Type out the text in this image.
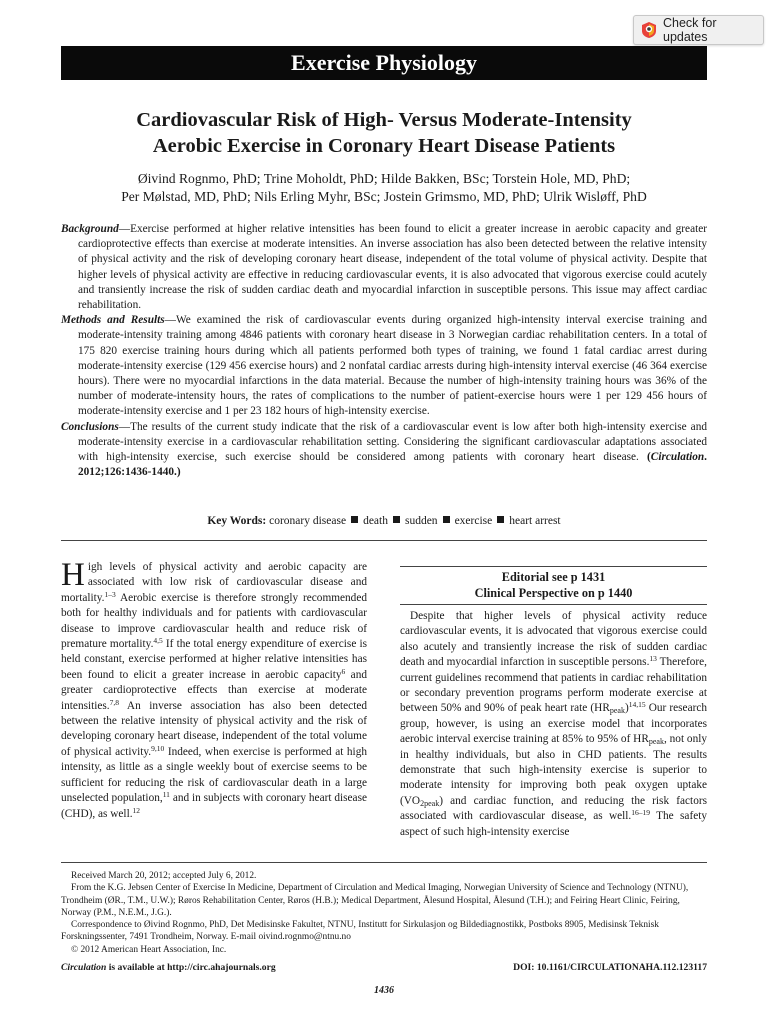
Check for updates
Exercise Physiology
Cardiovascular Risk of High- Versus Moderate-Intensity
Aerobic Exercise in Coronary Heart Disease Patients
Øivind Rognmo, PhD; Trine Moholdt, PhD; Hilde Bakken, BSc; Torstein Hole, MD, PhD;
Per Mølstad, MD, PhD; Nils Erling Myhr, BSc; Jostein Grimsmo, MD, PhD; Ulrik Wisløff, PhD

Background—Exercise performed at higher relative intensities has been found to elicit a greater increase in aerobic capacity and greater cardioprotective effects than exercise at moderate intensities. An inverse association has also been detected between the relative intensity of physical activity and the risk of developing coronary heart disease, independent of the total volume of physical activity. Despite that higher levels of physical activity are effective in reducing cardiovascular events, it is also advocated that vigorous exercise could acutely and transiently increase the risk of sudden cardiac death and myocardial infarction in susceptible persons. This issue may affect cardiac rehabilitation.

Methods and Results—We examined the risk of cardiovascular events during organized high-intensity interval exercise training and moderate-intensity training among 4846 patients with coronary heart disease in 3 Norwegian cardiac rehabilitation centers. In a total of 175 820 exercise training hours during which all patients performed both types of training, we found 1 fatal cardiac arrest during moderate-intensity exercise (129 456 exercise hours) and 2 nonfatal cardiac arrests during high-intensity interval exercise (46 364 exercise hours). There were no myocardial infarctions in the data material. Because the number of high-intensity training hours was 36% of the number of moderate-intensity hours, the rates of complications to the number of patient-exercise hours were 1 per 129 456 hours of moderate-intensity exercise and 1 per 23 182 hours of high-intensity exercise.

Conclusions—The results of the current study indicate that the risk of a cardiovascular event is low after both high-intensity exercise and moderate-intensity exercise in a cardiovascular rehabilitation setting. Considering the significant cardiovascular adaptations associated with high-intensity exercise, such exercise should be considered among patients with coronary heart disease. (Circulation. 2012;126:1436-1440.)

Key Words: coronary disease death sudden exercise heart arrest

High levels of physical activity and aerobic capacity are associated with low risk of cardiovascular disease and mortality.$^{1-3}$ Aerobic exercise is therefore strongly recommended both for healthy individuals and for patients with cardiovascular disease to improve cardiovascular health and reduce risk of premature mortality.$^{4,5}$ If the total energy expenditure of exercise is held constant, exercise performed at higher relative intensities has been found to elicit a greater increase in aerobic capacity$^6$ and greater cardioprotective effects than exercise at moderate intensities.$^{7,8}$ An inverse association has also been detected between the relative intensity of physical activity and the risk of developing coronary heart disease, independent of the total volume of physical activity.$^{9,10}$ Indeed, when exercise is performed at high intensity, as little as a single weekly bout of exercise seems to be sufficient for reducing the risk of cardiovascular death in a large unselected population,$^{11}$ and in subjects with coronary heart disease (CHD), as well.$^{12}$

Editorial see p 1431
Clinical Perspective on p 1440

Despite that higher levels of physical activity reduce cardiovascular events, it is advocated that vigorous exercise could also acutely and transiently increase the risk of sudden cardiac death and myocardial infarction in susceptible persons.$^{13}$ Therefore, current guidelines recommend that patients in cardiac rehabilitation or secondary prevention programs perform moderate exercise at between 50% and 90% of peak heart rate $(HR_{peak})^{14,15}$ Our research group, however, is using an exercise model that incorporates aerobic interval exercise training at 85% to 95% of $HR_{peak}$, not only in healthy individuals, but also in CHD patients. The results demonstrate that such high-intensity exercise is superior to moderate intensity for improving both peak oxygen uptake $(VO_{2peak})$ and cardiac function, and reducing the risk factors associated with cardiovascular disease, as well.$^{16-19}$ The safety aspect of such high-intensity exercise

Received March 20, 2012; accepted July 6, 2012.

From the K.G. Jebsen Center of Exercise In Medicine, Department of Circulation and Medical Imaging, Norwegian University of Science and Technology (NTNU), Trondheim (ØR., T.M., U.W.); Røros Rehabilitation Center, Røros (H.B.); Medical Department, Ålesund Hospital, Ålesund (T.H.); and Feiring Heart Clinic, Feiring, Norway (P.M., N.E.M., J.G.).

Correspondence to Øivind Rognmo, PhD, Det Medisinske Fakultet, NTNU, Institutt for Sirkulasjon og Bildediagnostikk, Postboks 8905, Medisinsk Teknisk Forskningssenter, 7491 Trondheim, Norway. E-mail oivind.rognmo@ntnu.no

© 2012 American Heart Association, Inc.

Circulation is available at http://circ.ahajournals.org	DOI: 10.1161/CIRCULATIONAHA.112.123117
1436
